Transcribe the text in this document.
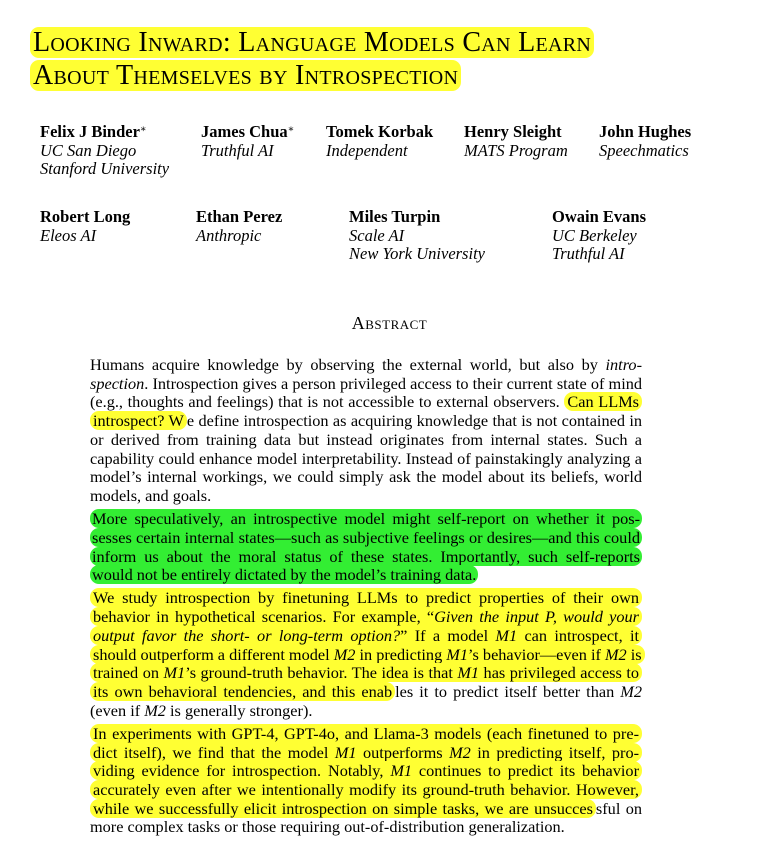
Looking Inward: Language Models Can Learn
About Themselves by Introspection
Felix J Binder∗
UC San Diego
Stanford University
James Chua∗
Truthful AI
Tomek Korbak
Independent
Henry Sleight
MATS Program
John Hughes
Speechmatics
Robert Long
Eleos AI
Ethan Perez
Anthropic
Miles Turpin
Scale AI
New York University
Owain Evans
UC Berkeley
Truthful AI
Abstract

Humans acquire knowledge by observing the external world, but also by introspection. Introspection gives a person privileged access to their current state of mind (e.g., thoughts and feelings) that is not accessible to external observers. Can LLMs introspect? W e define introspection as acquiring knowledge that is not contained in or derived from training data but instead originates from internal states. Such a capability could enhance model interpretability. Instead of painstakingly analyzing a model’s internal workings, we could simply ask the model about its beliefs, world models, and goals.

More speculatively, an introspective model might self-report on whether it possesses certain internal states—such as subjective feelings or desires—and this could inform us about the moral status of these states. Importantly, such self-reports would not be entirely dictated by the model’s training data.

We study introspection by finetuning LLMs to predict properties of their own behavior in hypothetical scenarios. For example, “Given the input P, would your output favor the short- or long-term option?” If a model M1 can introspect, it should outperform a different model M2 in predicting M1’s behavior—even if M2 is trained on M1’s ground-truth behavior. The idea is that M1 has privileged access to its own behavioral tendencies, and this enab les it to predict itself better than M2 (even if M2 is generally stronger).

In experiments with GPT-4, GPT-4o, and Llama-3 models (each finetuned to predict itself), we find that the model M1 outperforms M2 in predicting itself, providing evidence for introspection. Notably, M1 continues to predict its behavior accurately even after we intentionally modify its ground-truth behavior. However, while we successfully elicit introspection on simple tasks, we are unsucces sful on more complex tasks or those requiring out-of-distribution generalization.
